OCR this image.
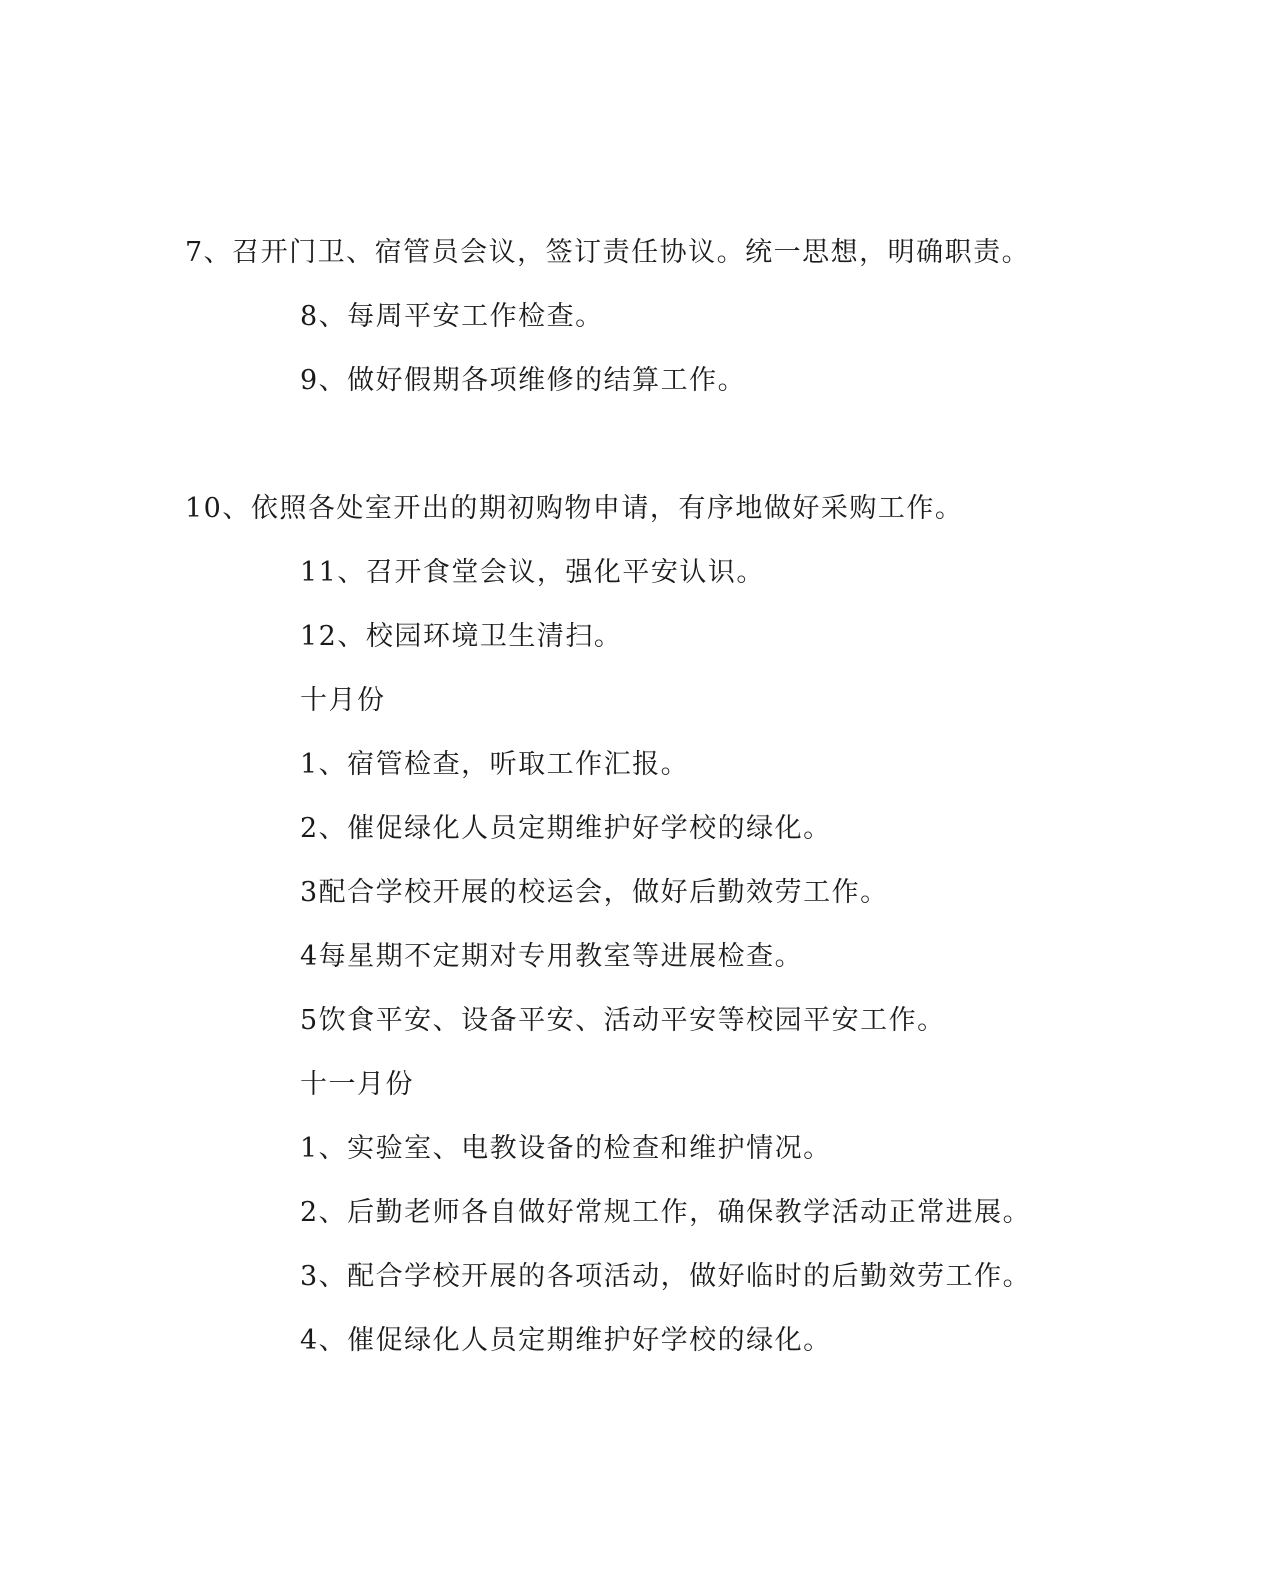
7、召开门卫、宿管员会议，签订责任协议。统一思想，明确职责。
8、每周平安工作检查。
9、做好假期各项维修的结算工作。
10、依照各处室开出的期初购物申请，有序地做好采购工作。
11、召开食堂会议，强化平安认识。
12、校园环境卫生清扫。
十月份
1、宿管检查，听取工作汇报。
2、催促绿化人员定期维护好学校的绿化。
3配合学校开展的校运会，做好后勤效劳工作。
4每星期不定期对专用教室等进展检查。
5饮食平安、设备平安、活动平安等校园平安工作。
十一月份
1、实验室、电教设备的检查和维护情况。
2、后勤老师各自做好常规工作，确保教学活动正常进展。
3、配合学校开展的各项活动，做好临时的后勤效劳工作。
4、催促绿化人员定期维护好学校的绿化。
